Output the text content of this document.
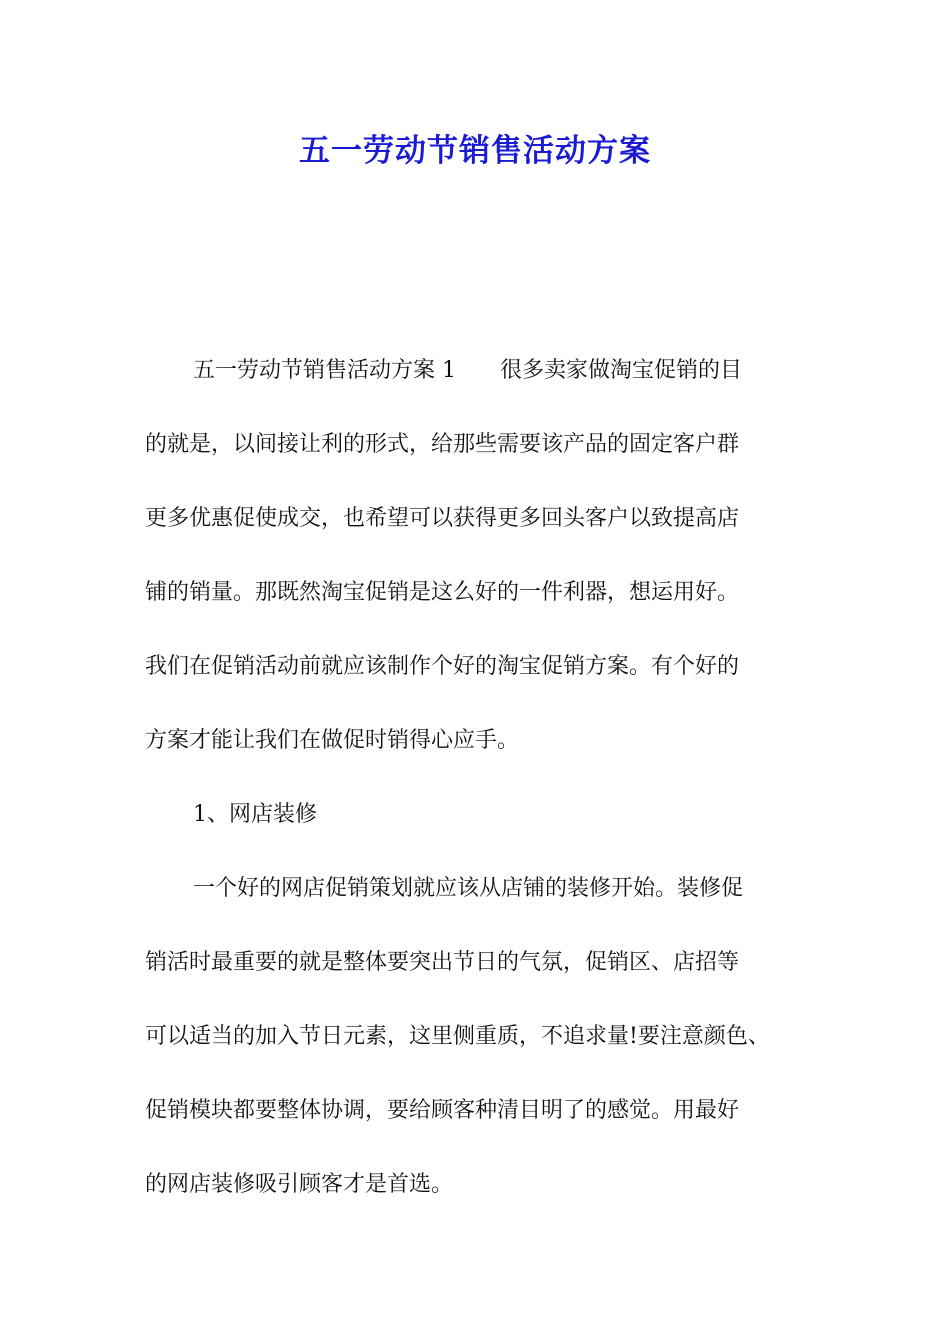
五一劳动节销售活动方案
五一劳动节销售活动方案 1 很多卖家做淘宝促销的目
的就是，以间接让利的形式，给那些需要该产品的固定客户群
更多优惠促使成交，也希望可以获得更多回头客户以致提高店
铺的销量。那既然淘宝促销是这么好的一件利器，想运用好。
我们在促销活动前就应该制作个好的淘宝促销方案。有个好的
方案才能让我们在做促时销得心应手。
1、网店装修
一个好的网店促销策划就应该从店铺的装修开始。装修促
销活时最重要的就是整体要突出节日的气氛，促销区、店招等
可以适当的加入节日元素，这里侧重质，不追求量!要注意颜色、
促销模块都要整体协调，要给顾客种清目明了的感觉。用最好
的网店装修吸引顾客才是首选。
